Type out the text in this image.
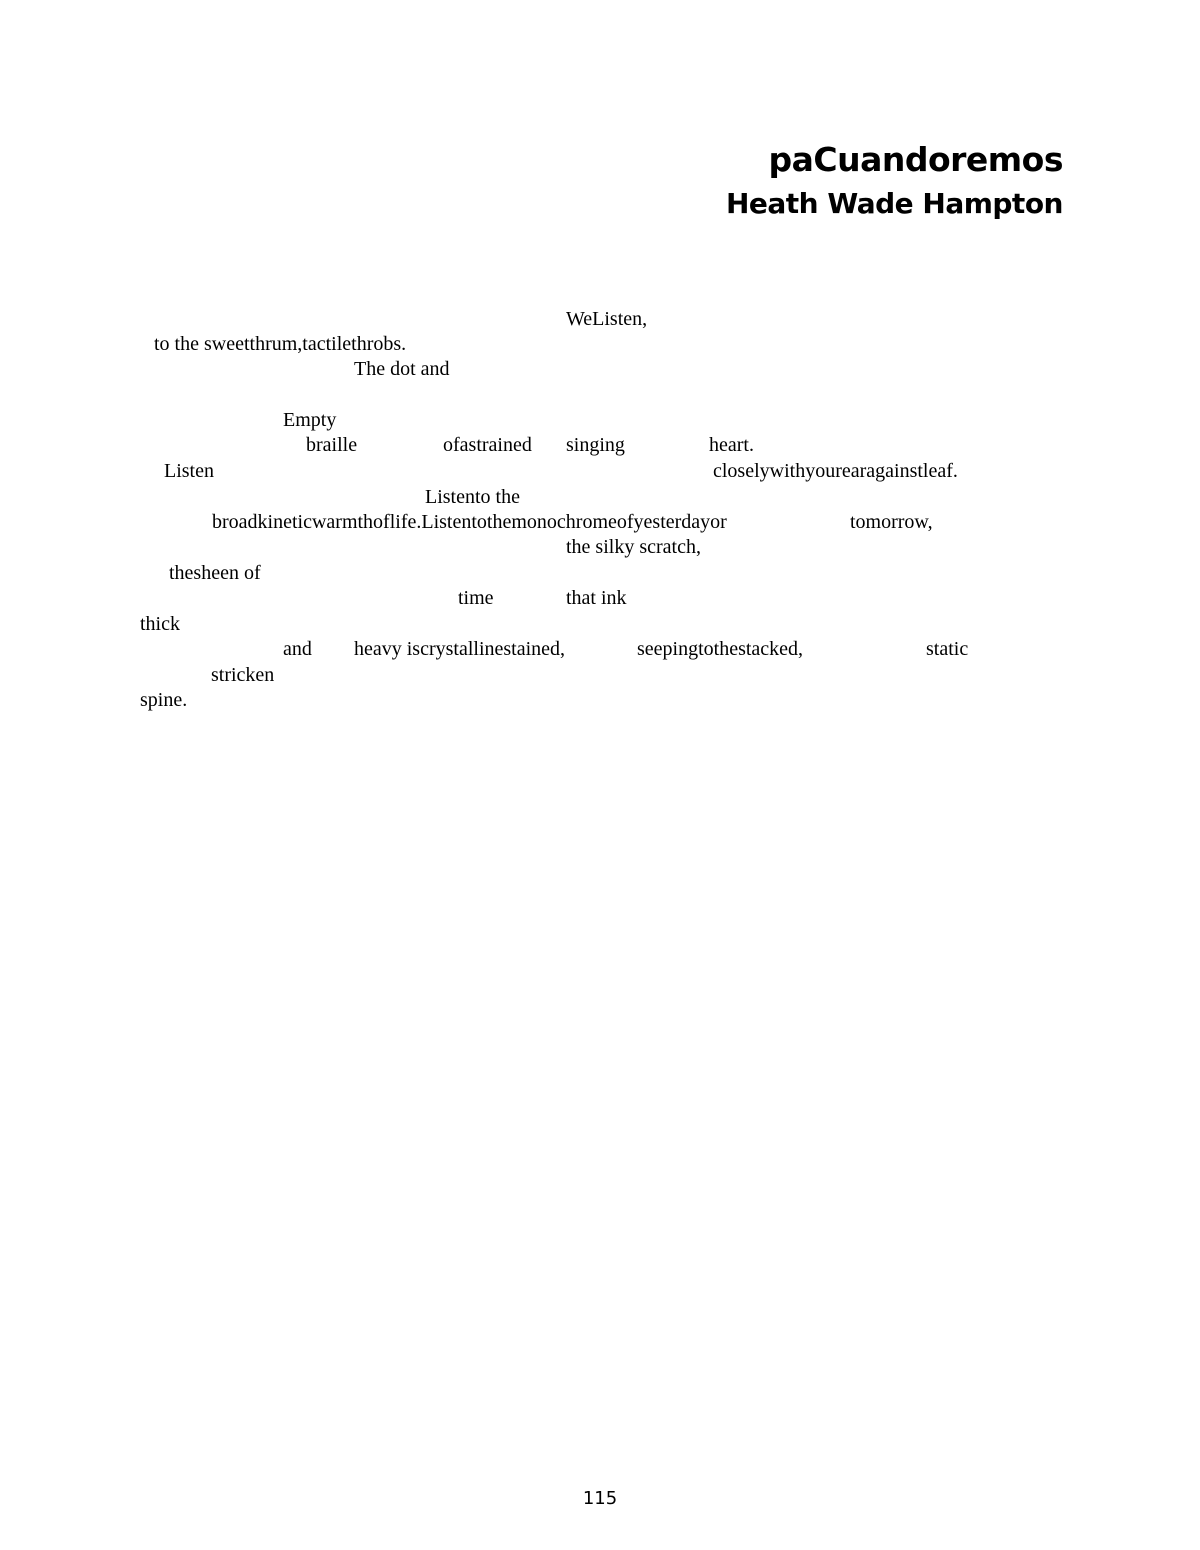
paCuandoremos
Heath Wade Hampton
WeListen,
to the sweetthrum,tactilethrobs.
The dot and
Empty
braille	ofastrained singing	heart.
Listen	closelywithyourearagainstleaf.
Listento the
broadkineticwarmthoflife.Listentothemonochromeofyesterdayor	tomorrow,
the silky scratch,
thesheen of
time	that ink
thick
and heavy iscrystallinestained,	seepingtothestacked,	static
stricken
spine.
115
